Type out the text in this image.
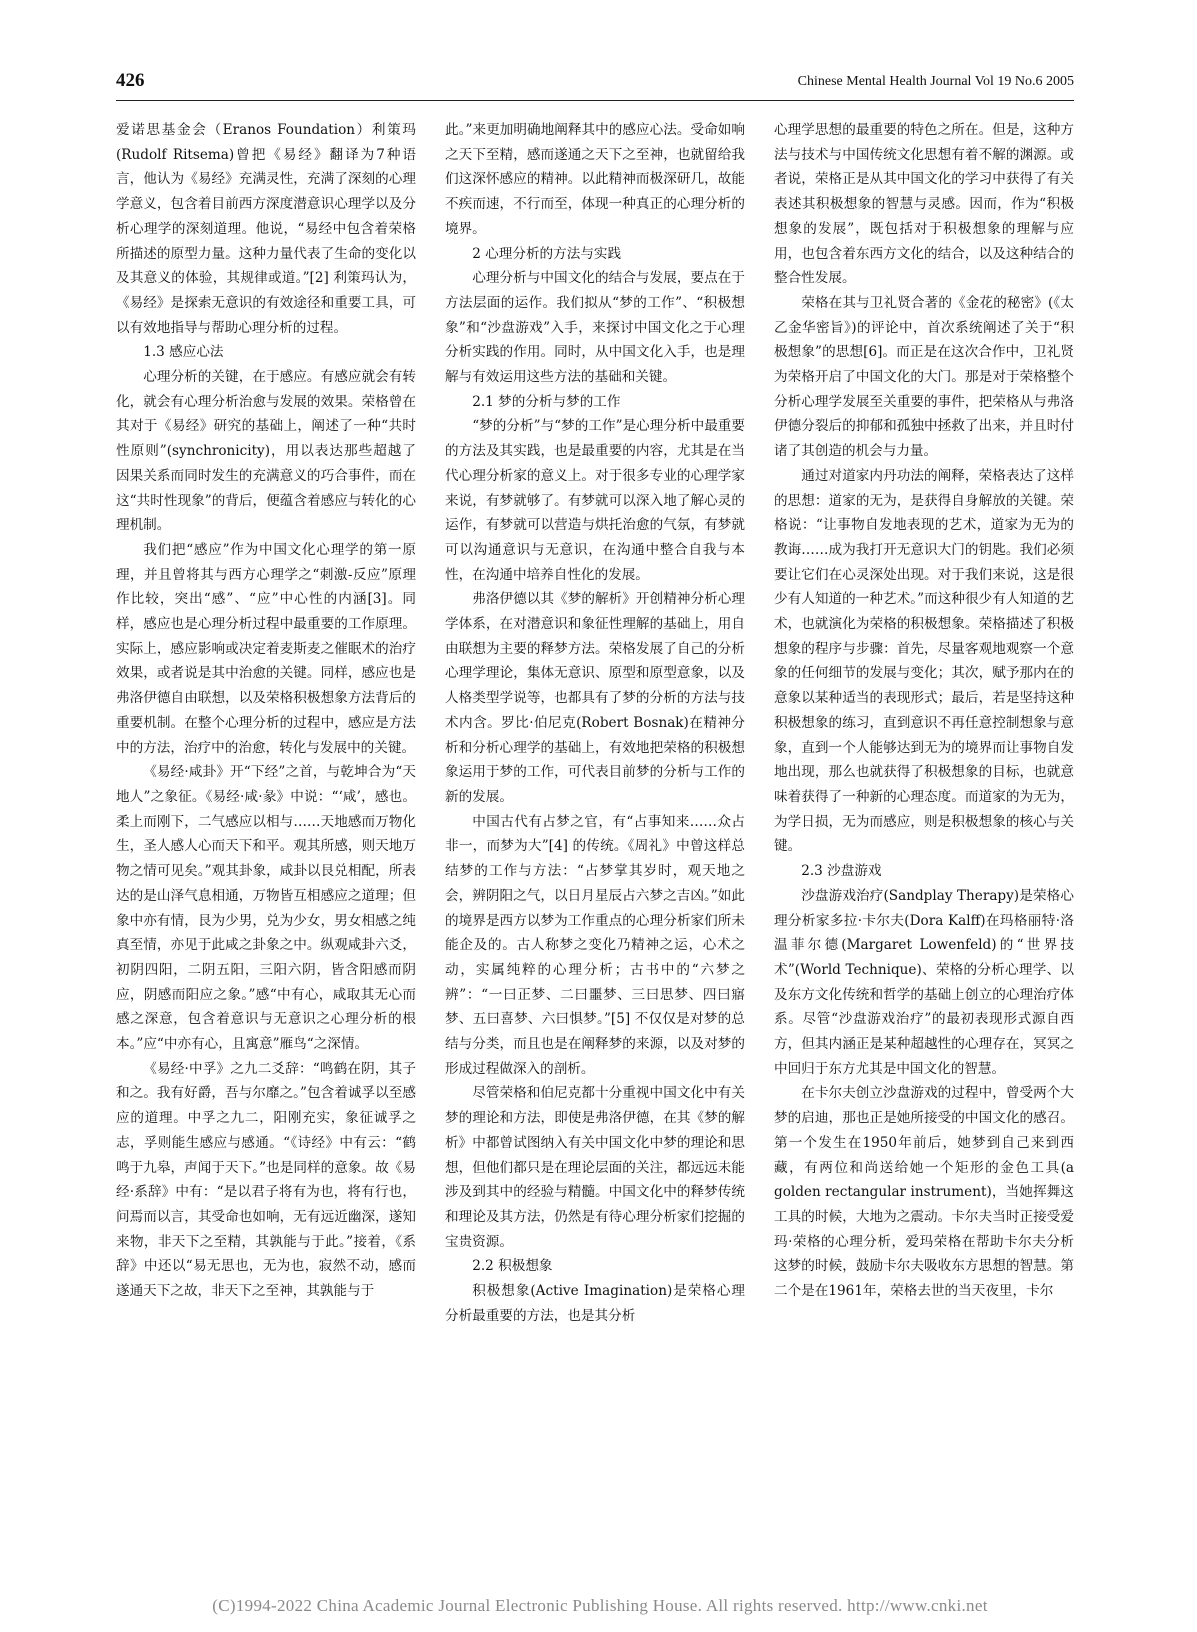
426	Chinese Mental Health Journal Vol 19 No.6 2005

爱诺思基金会（Eranos Foundation）利策玛(Rudolf Ritsema)曾把《易经》翻译为7种语言，他认为《易经》充满灵性，充满了深刻的心理学意义，包含着目前西方深度潜意识心理学以及分析心理学的深刻道理。他说，“易经中包含着荣格所描述的原型力量。这种力量代表了生命的变化以及其意义的体验，其规律或道。”[2] 利策玛认为，《易经》是探索无意识的有效途径和重要工具，可以有效地指导与帮助心理分析的过程。

1.3 感应心法

心理分析的关键，在于感应。有感应就会有转化，就会有心理分析治愈与发展的效果。荣格曾在其对于《易经》研究的基础上，阐述了一种“共时性原则”(synchronicity)，用以表达那些超越了因果关系而同时发生的充满意义的巧合事件，而在这“共时性现象”的背后，便蕴含着感应与转化的心理机制。

我们把“感应”作为中国文化心理学的第一原理，并且曾将其与西方心理学之“刺激-反应”原理作比较，突出“感”、“应”中心性的内涵[3]。同样，感应也是心理分析过程中最重要的工作原理。实际上，感应影响或决定着麦斯麦之催眠术的治疗效果，或者说是其中治愈的关键。同样，感应也是弗洛伊德自由联想，以及荣格积极想象方法背后的重要机制。在整个心理分析的过程中，感应是方法中的方法，治疗中的治愈，转化与发展中的关键。

《易经·咸卦》开“下经”之首，与乾坤合为“天地人”之象征。《易经·咸·彖》中说：“‘咸’，感也。柔上而刚下，二气感应以相与……天地感而万物化生，圣人感人心而天下和平。观其所感，则天地万物之情可见矣。”观其卦象，咸卦以艮兑相配，所表达的是山泽气息相通，万物皆互相感应之道理；但象中亦有情，艮为少男，兑为少女，男女相感之纯真至情，亦见于此咸之卦象之中。纵观咸卦六爻，初阴四阳，二阴五阳，三阳六阴，皆含阳感而阴应，阴感而阳应之象。”感“中有心，咸取其无心而感之深意，包含着意识与无意识之心理分析的根本。”应“中亦有心，且寓意”雁鸟“之深情。

《易经·中孚》之九二爻辞：“鸣鹤在阴，其子和之。我有好爵，吾与尔靡之。”包含着诚孚以至感应的道理。中孚之九二，阳刚充实，象征诚孚之志，孚则能生感应与感通。“《诗经》中有云：“鹤鸣于九皋，声闻于天下。”也是同样的意象。故《易经·系辞》中有：“是以君子将有为也，将有行也，问焉而以言，其受命也如响，无有远近幽深，遂知来物，非天下之至精，其孰能与于此。”接着，《系辞》中还以“易无思也，无为也，寂然不动，感而遂通天下之故，非天下之至神，其孰能与于

此。”来更加明确地阐释其中的感应心法。受命如响之天下至精，感而遂通之天下之至神，也就留给我们这深怀感应的精神。以此精神而极深研几，故能不疾而速，不行而至，体现一种真正的心理分析的境界。

2 心理分析的方法与实践

心理分析与中国文化的结合与发展，要点在于方法层面的运作。我们拟从“梦的工作”、“积极想象”和“沙盘游戏”入手，来探讨中国文化之于心理分析实践的作用。同时，从中国文化入手，也是理解与有效运用这些方法的基础和关键。

2.1 梦的分析与梦的工作

“梦的分析”与“梦的工作”是心理分析中最重要的方法及其实践，也是最重要的内容，尤其是在当代心理分析家的意义上。对于很多专业的心理学家来说，有梦就够了。有梦就可以深入地了解心灵的运作，有梦就可以营造与烘托治愈的气氛，有梦就可以沟通意识与无意识，在沟通中整合自我与本性，在沟通中培养自性化的发展。

弗洛伊德以其《梦的解析》开创精神分析心理学体系，在对潜意识和象征性理解的基础上，用自由联想为主要的释梦方法。荣格发展了自己的分析心理学理论，集体无意识、原型和原型意象，以及人格类型学说等，也都具有了梦的分析的方法与技术内含。罗比·伯尼克(Robert Bosnak)在精神分析和分析心理学的基础上，有效地把荣格的积极想象运用于梦的工作，可代表目前梦的分析与工作的新的发展。

中国古代有占梦之官，有“占事知来……众占非一，而梦为大”[4] 的传统。《周礼》中曾这样总结梦的工作与方法：“占梦掌其岁时，观天地之会，辨阴阳之气，以日月星辰占六梦之吉凶。”如此的境界是西方以梦为工作重点的心理分析家们所未能企及的。古人称梦之变化乃精神之运，心术之动，实属纯粹的心理分析；古书中的“六梦之辨”：“一曰正梦、二曰噩梦、三曰思梦、四曰寤梦、五曰喜梦、六曰惧梦。”[5] 不仅仅是对梦的总结与分类，而且也是在阐释梦的来源，以及对梦的形成过程做深入的剖析。

尽管荣格和伯尼克都十分重视中国文化中有关梦的理论和方法，即使是弗洛伊德，在其《梦的解析》中都曾试图纳入有关中国文化中梦的理论和思想，但他们都只是在理论层面的关注，都远远未能涉及到其中的经验与精髓。中国文化中的释梦传统和理论及其方法，仍然是有待心理分析家们挖掘的宝贵资源。

2.2 积极想象

积极想象(Active Imagination)是荣格心理分析最重要的方法，也是其分析

心理学思想的最重要的特色之所在。但是，这种方法与技术与中国传统文化思想有着不解的渊源。或者说，荣格正是从其中国文化的学习中获得了有关表述其积极想象的智慧与灵感。因而，作为“积极想象的发展”，既包括对于积极想象的理解与应用，也包含着东西方文化的结合，以及这种结合的整合性发展。

荣格在其与卫礼贤合著的《金花的秘密》(《太乙金华密旨》)的评论中，首次系统阐述了关于“积极想象”的思想[6]。而正是在这次合作中，卫礼贤为荣格开启了中国文化的大门。那是对于荣格整个分析心理学发展至关重要的事件，把荣格从与弗洛伊德分裂后的抑郁和孤独中拯救了出来，并且时付诸了其创造的机会与力量。

通过对道家内丹功法的阐释，荣格表达了这样的思想：道家的无为，是获得自身解放的关键。荣格说：“让事物自发地表现的艺术，道家为无为的教诲……成为我打开无意识大门的钥匙。我们必须要让它们在心灵深处出现。对于我们来说，这是很少有人知道的一种艺术。”而这种很少有人知道的艺术，也就演化为荣格的积极想象。荣格描述了积极想象的程序与步骤：首先，尽量客观地观察一个意象的任何细节的发展与变化；其次，赋予那内在的意象以某种适当的表现形式；最后，若是坚持这种积极想象的练习，直到意识不再任意控制想象与意象，直到一个人能够达到无为的境界而让事物自发地出现，那么也就获得了积极想象的目标，也就意味着获得了一种新的心理态度。而道家的为无为，为学日损，无为而感应，则是积极想象的核心与关键。

2.3 沙盘游戏

沙盘游戏治疗(Sandplay Therapy)是荣格心理分析家多拉·卡尔夫(Dora Kalff)在玛格丽特·洛温菲尔德(Margaret Lowenfeld)的“世界技术”(World Technique)、荣格的分析心理学、以及东方文化传统和哲学的基础上创立的心理治疗体系。尽管“沙盘游戏治疗”的最初表现形式源自西方，但其内涵正是某种超越性的心理存在，冥冥之中回归于东方尤其是中国文化的智慧。

在卡尔夫创立沙盘游戏的过程中，曾受两个大梦的启迪，那也正是她所接受的中国文化的感召。第一个发生在1950年前后，她梦到自己来到西藏，有两位和尚送给她一个矩形的金色工具(a golden rectangular instrument)，当她挥舞这工具的时候，大地为之震动。卡尔夫当时正接受爱玛·荣格的心理分析，爱玛荣格在帮助卡尔夫分析这梦的时候，鼓励卡尔夫吸收东方思想的智慧。第二个是在1961年，荣格去世的当天夜里，卡尔

(C)1994-2022 China Academic Journal Electronic Publishing House. All rights reserved. http://www.cnki.net
